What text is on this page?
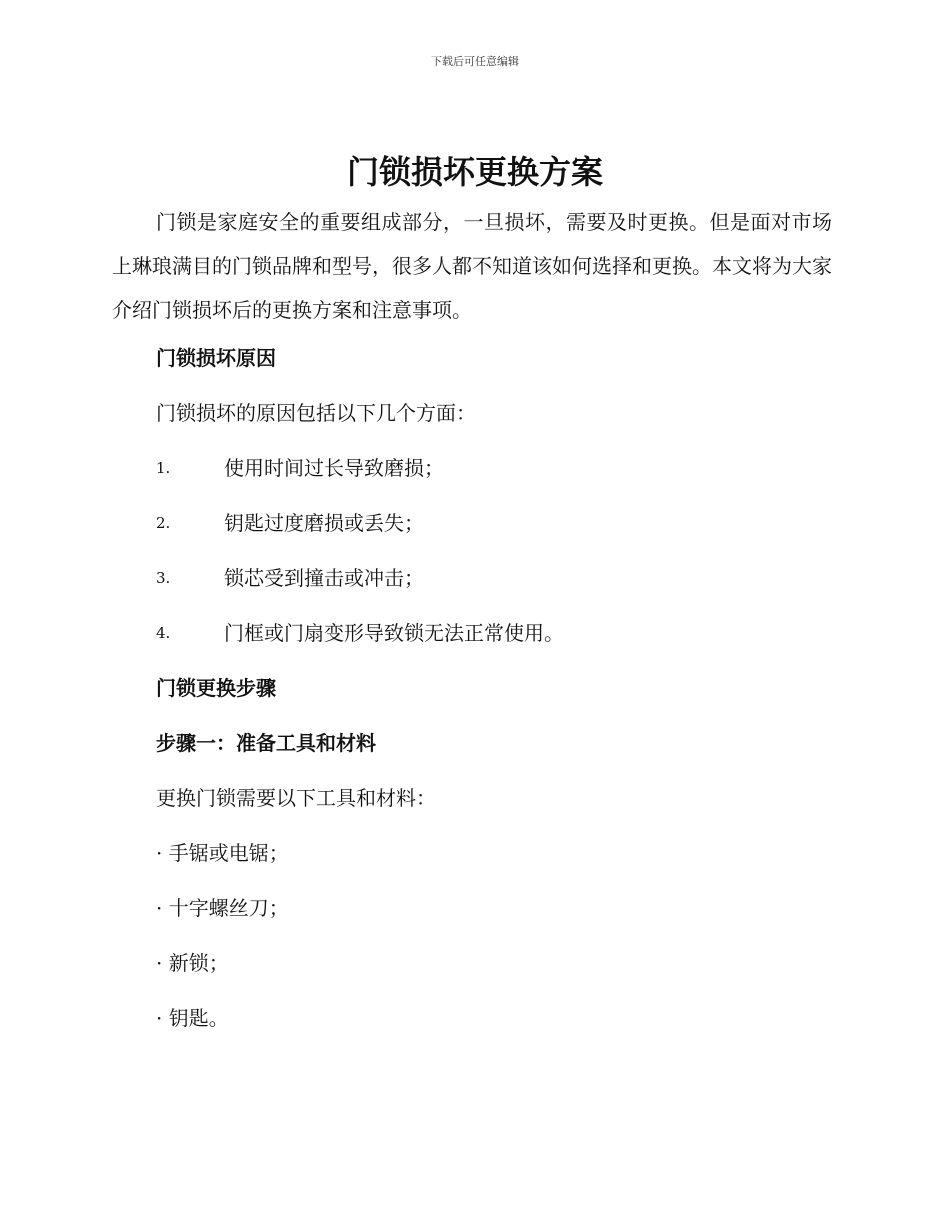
下载后可任意编辑
门锁损坏更换方案

门锁是家庭安全的重要组成部分，一旦损坏，需要及时更换。但是面对市场上琳琅满目的门锁品牌和型号，很多人都不知道该如何选择和更换。本文将为大家介绍门锁损坏后的更换方案和注意事项。

门锁损坏原因

门锁损坏的原因包括以下几个方面：

1.	使用时间过长导致磨损；
2.	钥匙过度磨损或丢失；
3.	锁芯受到撞击或冲击；
4.	门框或门扇变形导致锁无法正常使用。

门锁更换步骤

步骤一：准备工具和材料

更换门锁需要以下工具和材料：

· 手锯或电锯；

· 十字螺丝刀；

· 新锁；

· 钥匙。
